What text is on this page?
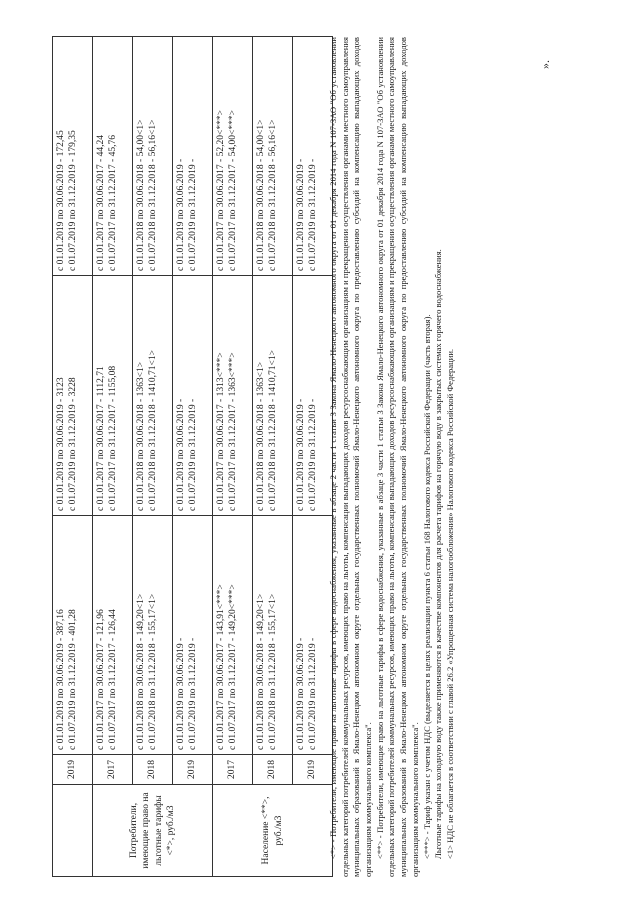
	2019	с 01.01.2019 по 30.06.2019 - 387,16 с 01.07.2019 по 31.12.2019 - 401,28	с 01.01.2019 по 30.06.2019 - 3123 с 01.07.2019 по 31.12.2019 - 3228	с 01.01.2019 по 30.06.2019 - 172,45 с 01.07.2019 по 31.12.2019 - 179,35

Потребители, имеющие право на льготные тарифы <*>, руб./м3	2017	с 01.01.2017 по 30.06.2017 - 121,96 с 01.07.2017 по 31.12.2017 - 126,44	с 01.01.2017 по 30.06.2017 - 1112,71 с 01.07.2017 по 31.12.2017 - 1155,08	с 01.01.2017 по 30.06.2017 - 44,24 с 01.07.2017 по 31.12.2017 - 45,76

	2018	с 01.01.2018 по 30.06.2018 - 149,20<1> с 01.07.2018 по 31.12.2018 - 155,17<1>	с 01.01.2018 по 30.06.2018 - 1363<1> с 01.07.2018 по 31.12.2018 - 1410,71<1>	с 01.01.2018 по 30.06.2018 - 54,00<1> с 01.07.2018 по 31.12.2018 - 56,16<1>

	2019	с 01.01.2019 по 30.06.2019 - с 01.07.2019 по 31.12.2019 -	с 01.01.2019 по 30.06.2019 - с 01.07.2019 по 31.12.2019 -	с 01.01.2019 по 30.06.2019 - с 01.07.2019 по 31.12.2019 -

Население <**>, руб./м3	2017	с 01.01.2017 по 30.06.2017 - 143,91<***> с 01.07.2017 по 31.12.2017 - 149,20<***>	с 01.01.2017 по 30.06.2017 - 1313<***> с 01.07.2017 по 31.12.2017 - 1363<***>	с 01.01.2017 по 30.06.2017 - 52,20<***> с 01.07.2017 по 31.12.2017 - 54,00<***>

	2018	с 01.01.2018 по 30.06.2018 - 149,20<1> с 01.07.2018 по 31.12.2018 - 155,17<1>	с 01.01.2018 по 30.06.2018 - 1363<1> с 01.07.2018 по 31.12.2018 - 1410,71<1>	с 01.01.2018 по 30.06.2018 - 54,00<1> с 01.07.2018 по 31.12.2018 - 56,16<1>

	2019	с 01.01.2019 по 30.06.2019 - с 01.07.2019 по 31.12.2019 -	с 01.01.2019 по 30.06.2019 - с 01.07.2019 по 31.12.2019 -	с 01.01.2019 по 30.06.2019 - с 01.07.2019 по 31.12.2019 - <*> - Потребители, имеющие право на льготные тарифы в сфере водоснабжения, указанные в абзаце 2 части 1 статьи 3 Закона Ямало-Ненецкого автономного округа от 01 декабря 2014 года N 107-ЗАО "Об установлении отдельных категорий потребителей коммунальных ресурсов, имеющих право на льготы, компенсации выпадающих доходов ресурсоснабжающим организациям и прекращении осуществления органами местного самоуправления муниципальных образований в Ямало-Ненецком автономном округе отдельных государственных полномочий Ямало-Ненецкого автономного округа по предоставлению субсидий на компенсацию выпадающих доходов организациям коммунального комплекса". <**> - Потребители, имеющие право на льготные тарифы в сфере водоснабжения, указанные в абзаце 3 части 1 статьи 3 Закона Ямало-Ненецкого автономного округа от 01 декабря 2014 года N 107-ЗАО "Об установлении отдельных категорий потребителей коммунальных ресурсов, имеющих право на льготы, компенсации выпадающих доходов ресурсоснабжающим организациям и прекращении осуществления органами местного самоуправления муниципальных образований в Ямало-Ненецком автономном округе отдельных государственных полномочий Ямало-Ненецкого автономного округа по предоставлению субсидий на компенсацию выпадающих доходов организациям коммунального комплекса". <***> - Тариф указан с учетом НДС (выделяется в целях реализации пункта 6 статьи 168 Налогового кодекса Российской Федерации (часть вторая). Льготные тарифы на холодную воду также применяются в качестве компонентов для расчета тарифов на горячую воду в закрытых системах горячего водоснабжения. <1> НДС не облагается в соответствии с главой 26.2 «Упрощенная система налогообложения» Налогового кодекса Российской Федерации.

».
